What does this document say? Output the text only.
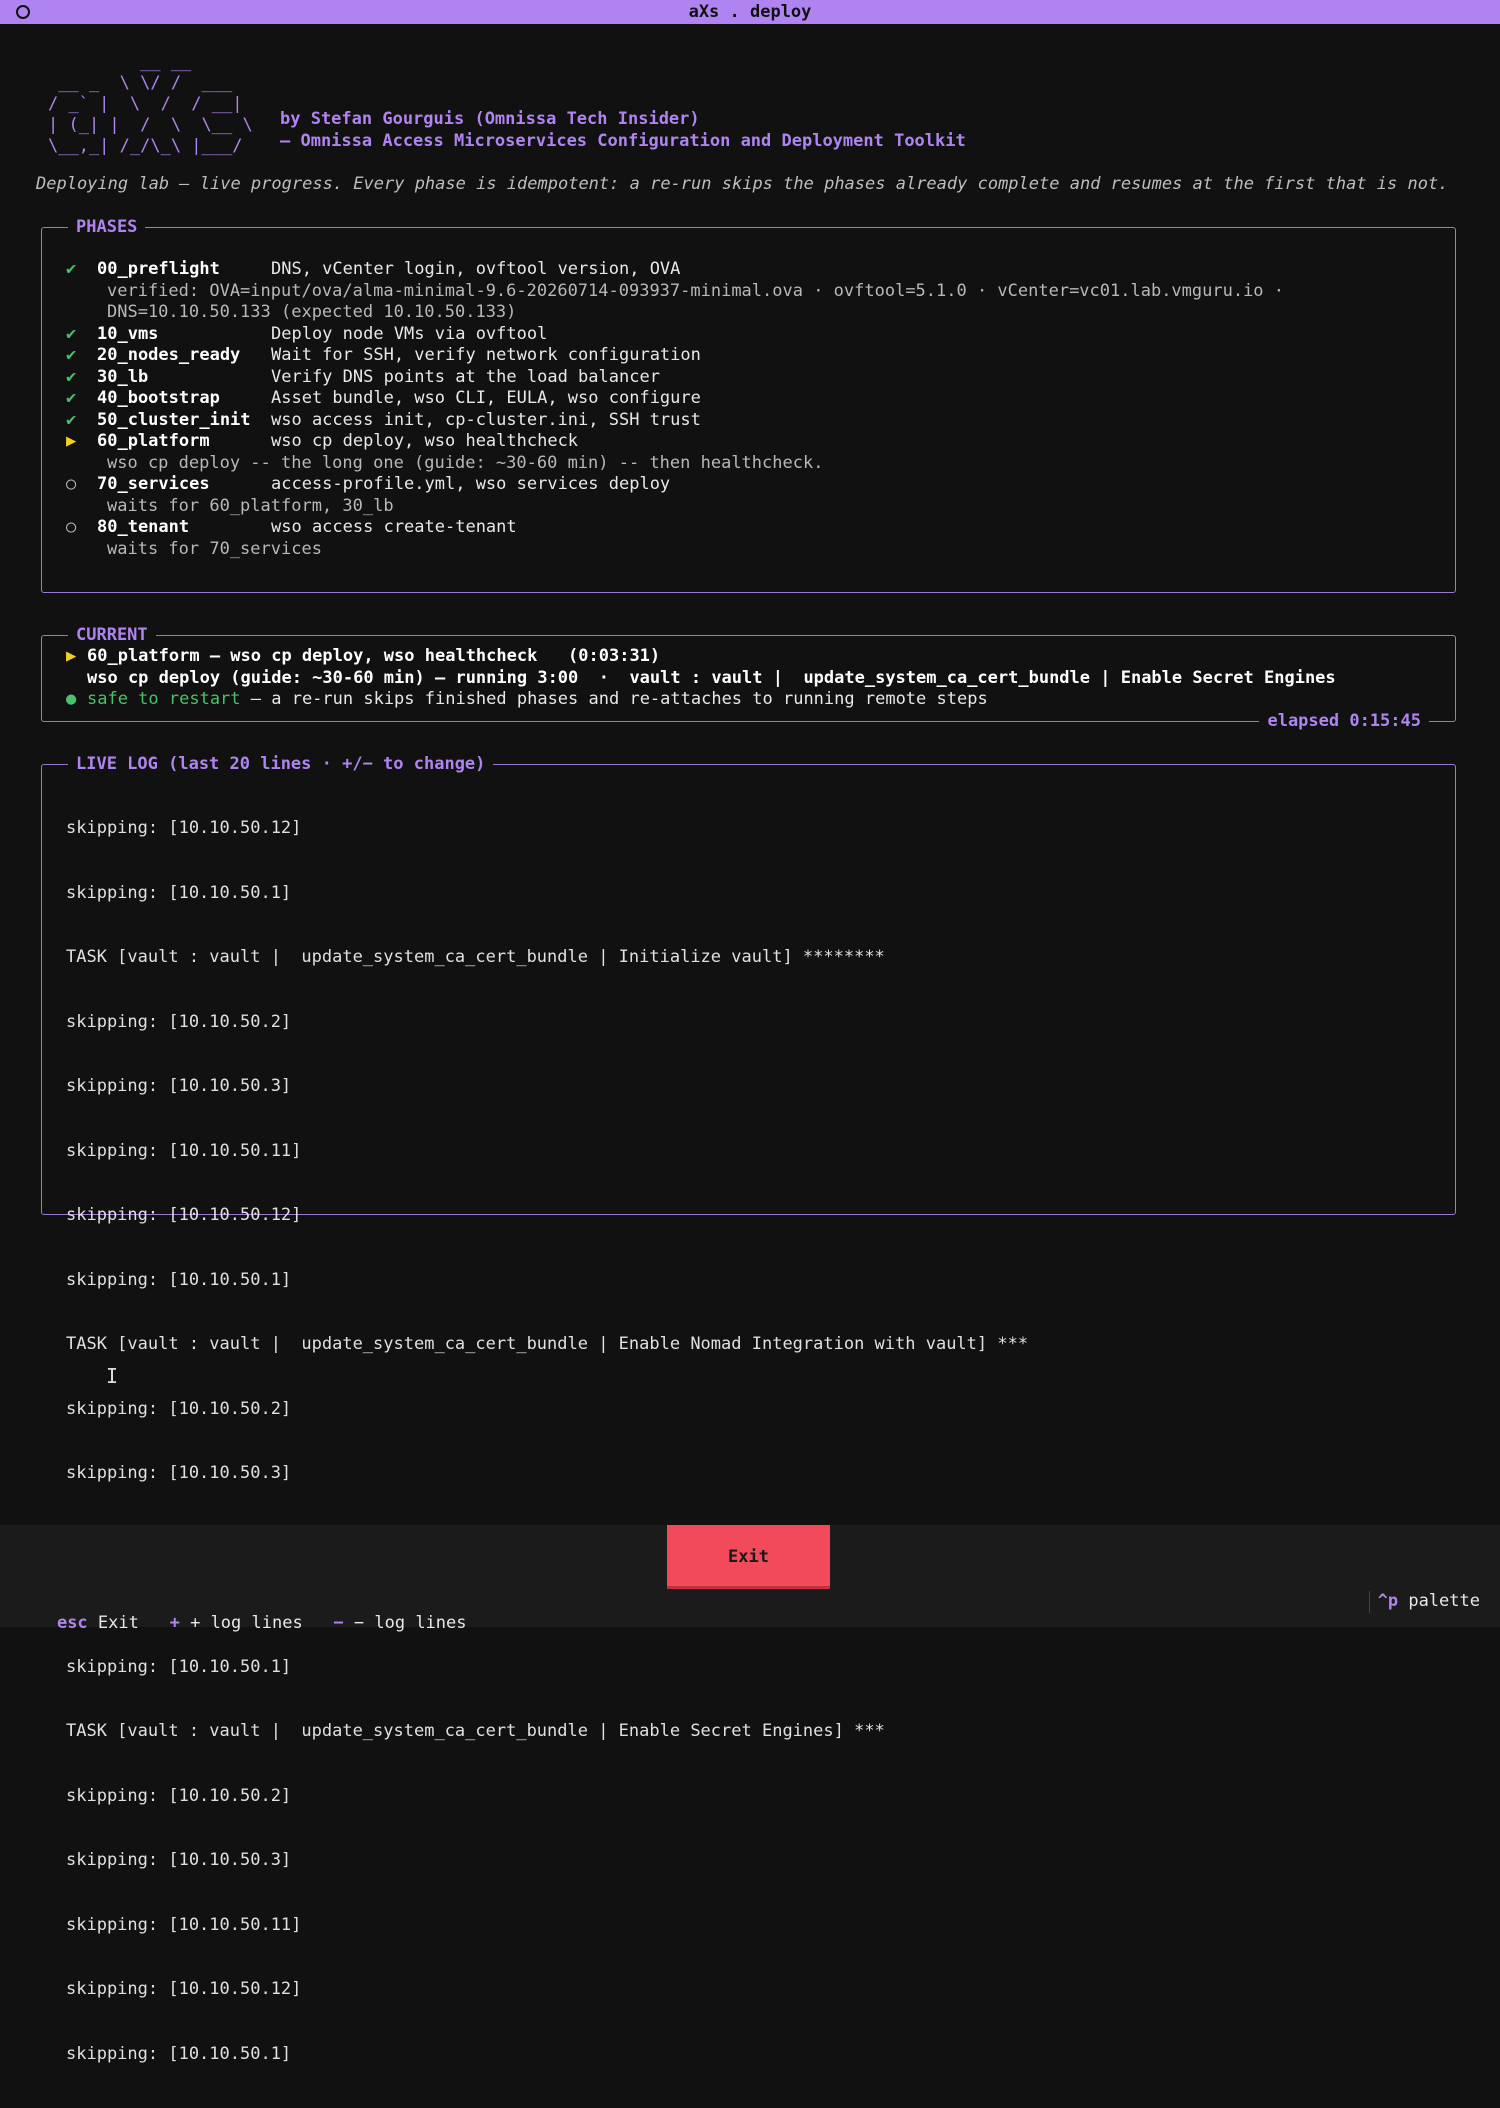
aXs . deploy
__ __
__ _  \ \/ /  ___
/ _` |  \  /  / __|
| (_| |  /  \  \__ \
\__,_| /_/\_\ |___/
by Stefan Gourguis (Omnissa Tech Insider)
— Omnissa Access Microservices Configuration and Deployment Toolkit
Deploying lab — live progress. Every phase is idempotent: a re-run skips the phases already complete and resumes at the first that is not.
PHASES
✔	00_preflight	DNS, vCenter login, ovftool version, OVA
verified: OVA=input/ova/alma-minimal-9.6-20260714-093937-minimal.ova · ovftool=5.1.0 · vCenter=vc01.lab.vmguru.io ·
DNS=10.10.50.133 (expected 10.10.50.133)
✔	10_vms	Deploy node VMs via ovftool
✔	20_nodes_ready Wait for SSH, verify network configuration
✔	30_lb	Verify DNS points at the load balancer
✔	40_bootstrap	Asset bundle, wso CLI, EULA, wso configure
✔	50_cluster_init wso access init, cp-cluster.ini, SSH trust
▶	60_platform	wso cp deploy, wso healthcheck
wso cp deploy -- the long one (guide: ~30-60 min) -- then healthcheck.
○	70_services	access-profile.yml, wso services deploy
waits for 60_platform, 30_lb
○	80_tenant	wso access create-tenant
waits for 70_services
CURRENT
▶ 60_platform — wso cp deploy, wso healthcheck   (0:03:31)
wso cp deploy (guide: ~30-60 min) — running 3:00  ·  vault : vault |  update_system_ca_cert_bundle | Enable Secret Engines
● safe to restart — a re-run skips finished phases and re-attaches to running remote steps
elapsed 0:15:45
LIVE LOG (last 20 lines · +/− to change)

skipping: [10.10.50.12]

skipping: [10.10.50.1]

TASK [vault : vault |  update_system_ca_cert_bundle | Initialize vault] ********

skipping: [10.10.50.2]

skipping: [10.10.50.3]

skipping: [10.10.50.11]

skipping: [10.10.50.12]

skipping: [10.10.50.1]

TASK [vault : vault |  update_system_ca_cert_bundle | Enable Nomad Integration with vault] ***

skipping: [10.10.50.2]

skipping: [10.10.50.3]

skipping: [10.10.50.1]

TASK [vault : vault |  update_system_ca_cert_bundle | Enable Secret Engines] ***

skipping: [10.10.50.2]

skipping: [10.10.50.3]

skipping: [10.10.50.11]

skipping: [10.10.50.12]

skipping: [10.10.50.1]

I
Exit

esc Exit + + log lines − − log lines

^p palette
